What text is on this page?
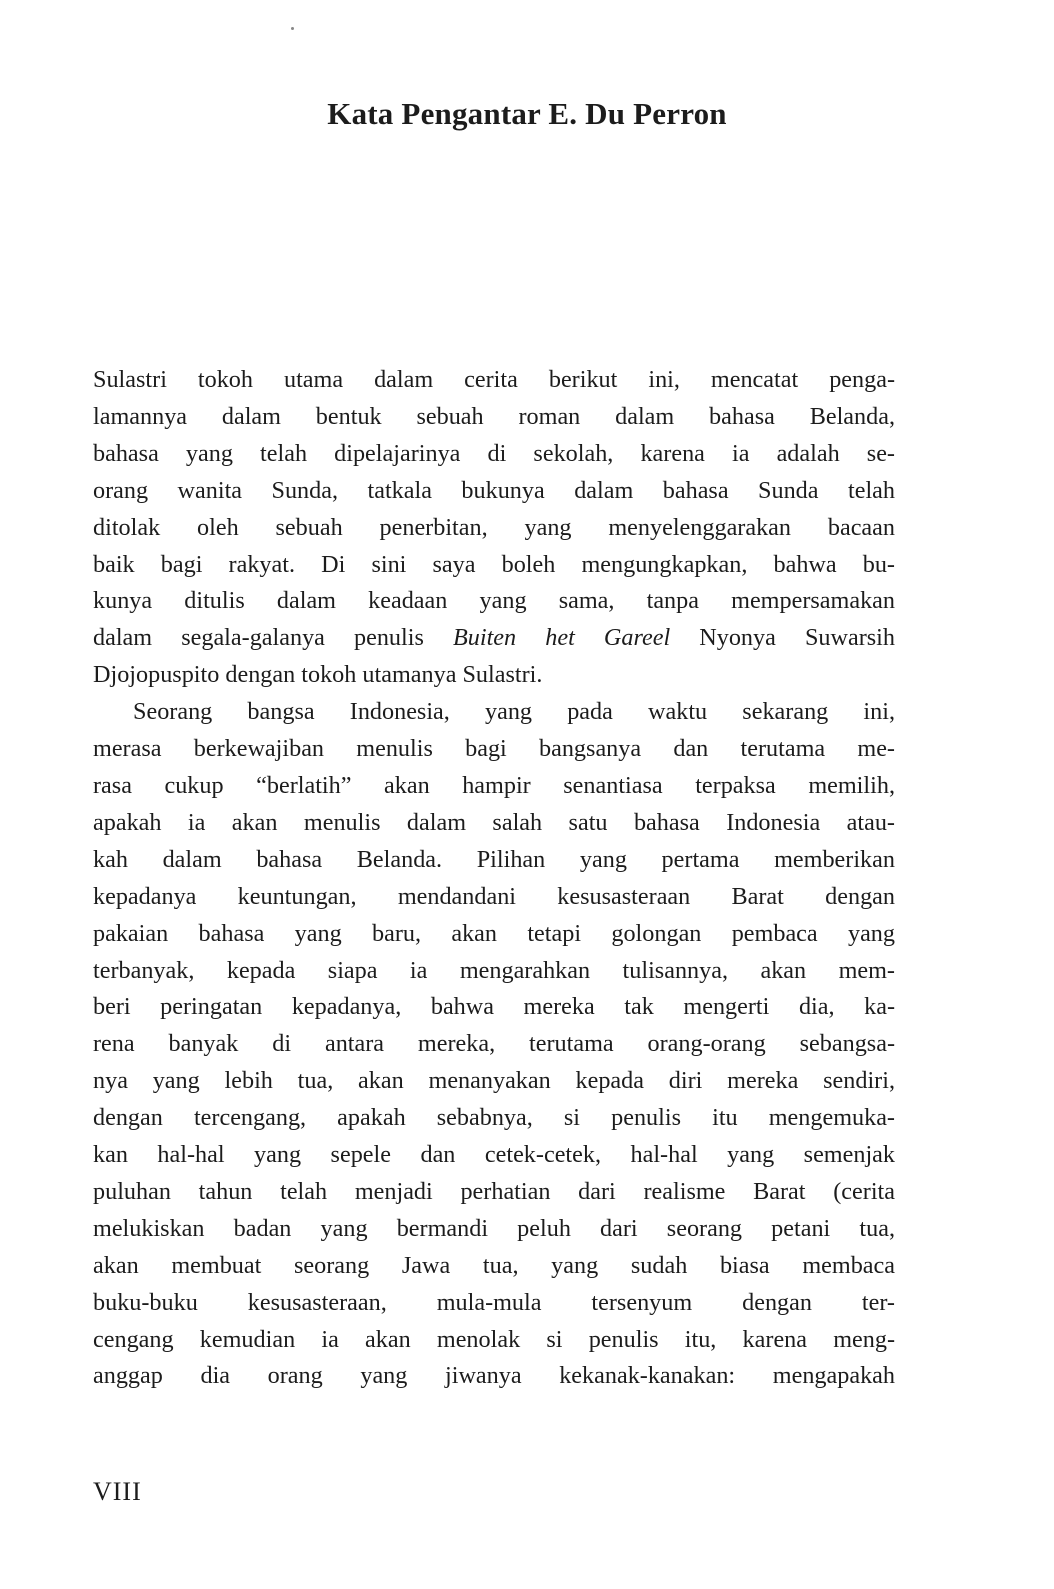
Kata Pengantar E. Du Perron
Sulastri tokoh utama dalam cerita berikut ini, mencatat penga-
lamannya dalam bentuk sebuah roman dalam bahasa Belanda,
bahasa yang telah dipelajarinya di sekolah, karena ia adalah se-
orang wanita Sunda, tatkala bukunya dalam bahasa Sunda telah
ditolak oleh sebuah penerbitan, yang menyelenggarakan bacaan
baik bagi rakyat. Di sini saya boleh mengungkapkan, bahwa bu-
kunya ditulis dalam keadaan yang sama, tanpa mempersamakan
dalam segala-galanya penulis Buiten het Gareel Nyonya Suwarsih
Djojopuspito dengan tokoh utamanya Sulastri.
Seorang bangsa Indonesia, yang pada waktu sekarang ini,
merasa berkewajiban menulis bagi bangsanya dan terutama me-
rasa cukup “berlatih” akan hampir senantiasa terpaksa memilih,
apakah ia akan menulis dalam salah satu bahasa Indonesia atau-
kah dalam bahasa Belanda. Pilihan yang pertama memberikan
kepadanya keuntungan, mendandani kesusasteraan Barat dengan
pakaian bahasa yang baru, akan tetapi golongan pembaca yang
terbanyak, kepada siapa ia mengarahkan tulisannya, akan mem-
beri peringatan kepadanya, bahwa mereka tak mengerti dia, ka-
rena banyak di antara mereka, terutama orang-orang sebangsa-
nya yang lebih tua, akan menanyakan kepada diri mereka sendiri,
dengan tercengang, apakah sebabnya, si penulis itu mengemuka-
kan hal-hal yang sepele dan cetek-cetek, hal-hal yang semenjak
puluhan tahun telah menjadi perhatian dari realisme Barat (cerita
melukiskan badan yang bermandi peluh dari seorang petani tua,
akan membuat seorang Jawa tua, yang sudah biasa membaca
buku-buku kesusasteraan, mula-mula tersenyum dengan ter-
cengang kemudian ia akan menolak si penulis itu, karena meng-
anggap dia orang yang jiwanya kekanak-kanakan: mengapakah
VIII
